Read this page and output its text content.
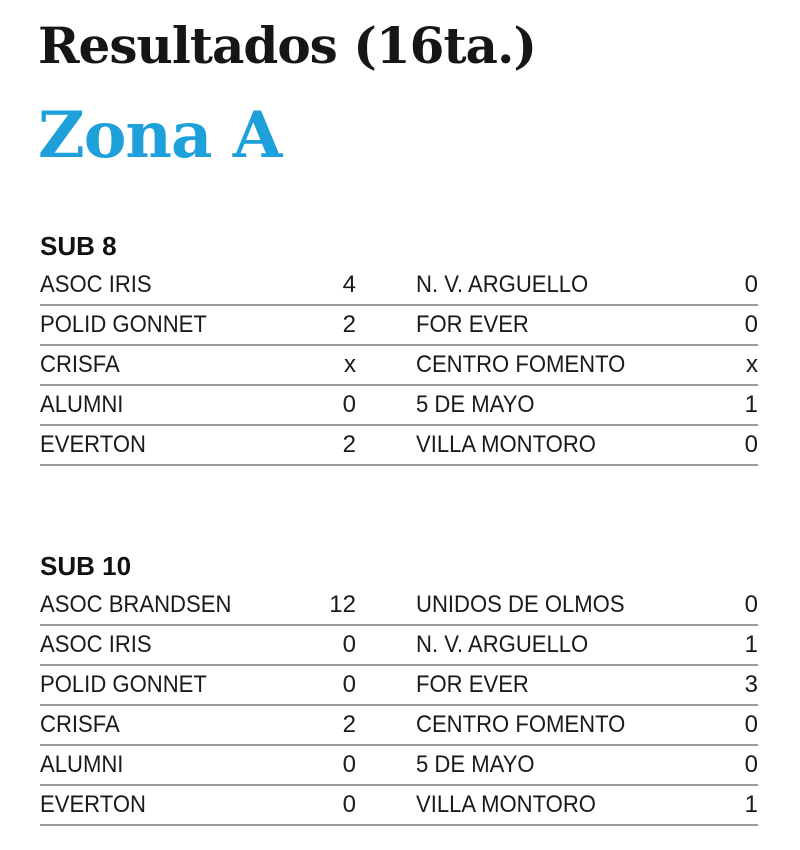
Resultados (16ta.)
Zona A
SUB 8
ASOC IRIS	4	N. V. ARGUELLO	0
POLID GONNET	2	FOR EVER	0
CRISFA	x	CENTRO FOMENTO	x
ALUMNI	0	5 DE MAYO	1
EVERTON	2	VILLA MONTORO	0
SUB 10
ASOC BRANDSEN	12	UNIDOS DE OLMOS	0
ASOC IRIS	0	N. V. ARGUELLO	1
POLID GONNET	0	FOR EVER	3
CRISFA	2	CENTRO FOMENTO	0
ALUMNI	0	5 DE MAYO	0
EVERTON	0	VILLA MONTORO	1
